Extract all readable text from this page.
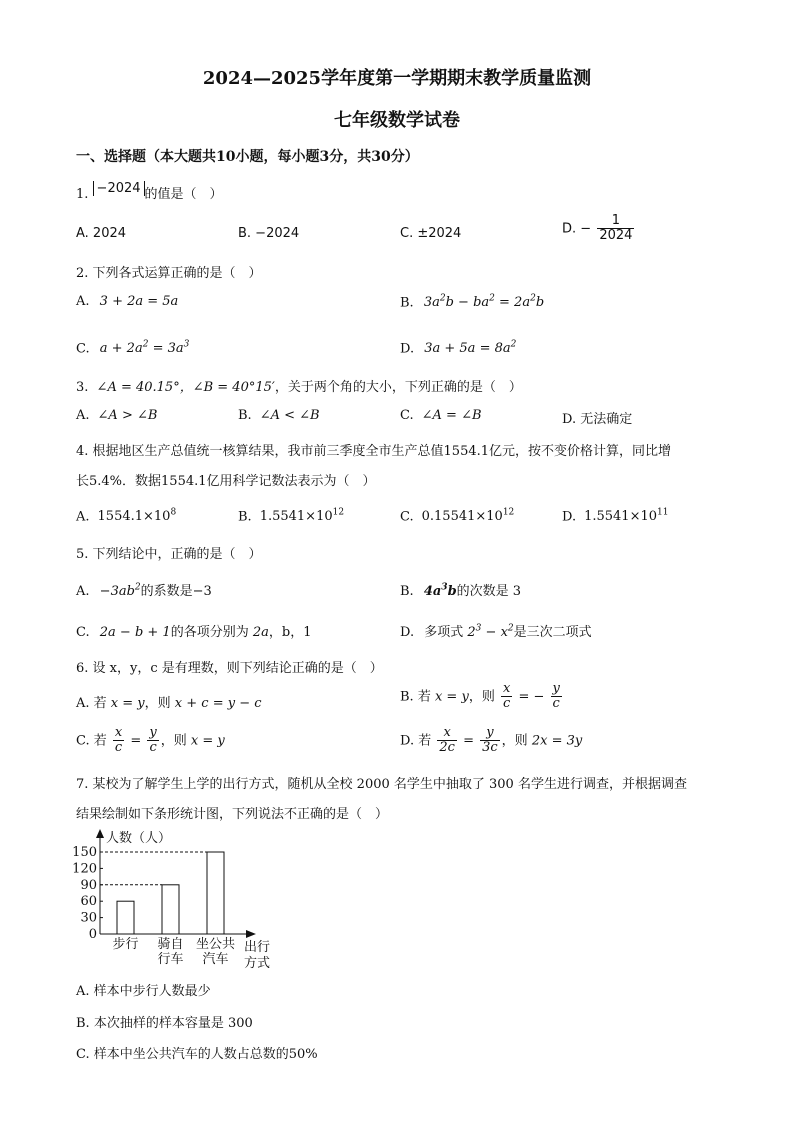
2024—2025学年度第一学期期末教学质量监测
七年级数学试卷
一、选择题（本大题共10小题，每小题3分，共30分）
1. −2024 的值是（　）
A. 2024	B. −2024	C. ±2024	D. − $\frac{1}{2024}$
2. 下列各式运算正确的是（　）
A. 3 + 2a = 5a	B. $3a^2b - ba^2 = 2a^2b$
C. $a + 2a^2 = 3a^3$	D. $3a + 5a = 8a^2$
3. ∠A = 40.15°，∠B = 40°15′，关于两个角的大小，下列正确的是（　）
A. ∠A > ∠B	B. ∠A < ∠B	C. ∠A = ∠B	D. 无法确定
4. 根据地区生产总值统一核算结果，我市前三季度全市生产总值1554.1亿元，按不变价格计算，同比增
长5.4%．数据1554.1亿用科学记数法表示为（　）
A. $1554.1\times 10^8$	B. $1.5541\times 10^{12}$	C. $0.15541\times 10^{12}$	D. $1.5541\times 10^{11}$
5. 下列结论中，正确的是（　）
A. $-3ab^2$的系数是−3	B. $4a^3b$的次数是 3
C. 2a − b + 1的各项分别为 2a，b，1	D. 多项式 $2^3 - x^2$是三次二项式
6. 设 x，y，c 是有理数，则下列结论正确的是（　）
A. 若 x = y，则 x + c = y − c	B. 若 x = y，则 $\frac{x}{c}$ = − $\frac{y}{c}$
C. 若 $\frac{x}{c} = \frac{y}{c}$ ，则 x = y	D. 若 $\frac{x}{2c} = \frac{y}{3c}$ ，则 2x = 3y
7. 某校为了解学生上学的出行方式，随机从全校 2000 名学生中抽取了 300 名学生进行调查，并根据调查
结果绘制如下条形统计图，下列说法不正确的是（　）
人数（人）
150
120
90
60
30
0
步行 骑自
行车
坐公共
汽车
出行
方式
A. 样本中步行人数最少
B. 本次抽样的样本容量是 300
C. 样本中坐公共汽车的人数占总数的50%
